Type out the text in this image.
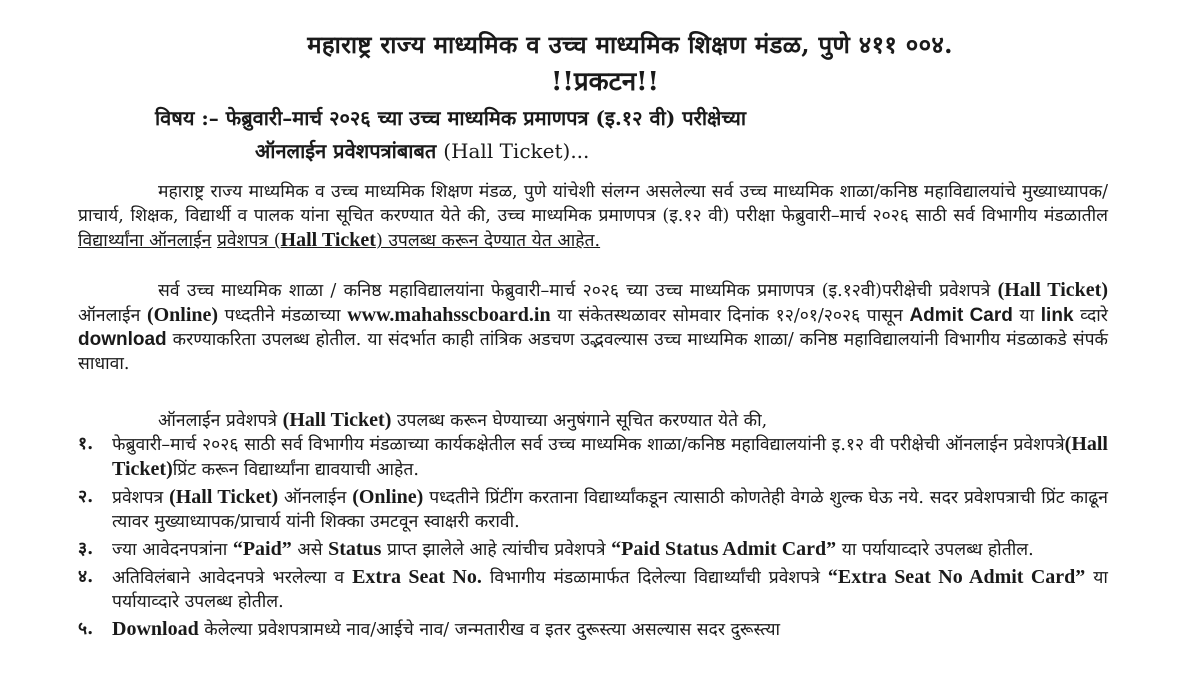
महाराष्ट्र राज्य माध्यमिक व उच्च माध्यमिक शिक्षण मंडळ, पुणे ४११ ००४.
!!प्रकटन!!
विषय :– फेब्रुवारी–मार्च २०२६ च्या उच्च माध्यमिक प्रमाणपत्र (इ.१२ वी) परीक्षेच्या
ऑनलाईन प्रवेशपत्रांबाबत (Hall Ticket)...
महाराष्ट्र राज्य माध्यमिक व उच्च माध्यमिक शिक्षण मंडळ, पुणे यांचेशी संलग्न असलेल्या सर्व उच्च माध्यमिक शाळा/कनिष्ठ महाविद्यालयांचे मुख्याध्यापक/प्राचार्य, शिक्षक, विद्यार्थी व पालक यांना सूचित करण्यात येते की, उच्च माध्यमिक प्रमाणपत्र (इ.१२ वी) परीक्षा फेब्रुवारी–मार्च २०२६ साठी सर्व विभागीय मंडळातील विद्यार्थ्यांना ऑनलाईन प्रवेशपत्र (Hall Ticket) उपलब्ध करून देण्यात येत आहेत.
सर्व उच्च माध्यमिक शाळा / कनिष्ठ महाविद्यालयांना फेब्रुवारी–मार्च २०२६ च्या उच्च माध्यमिक प्रमाणपत्र (इ.१२वी)परीक्षेची प्रवेशपत्रे (Hall Ticket) ऑनलाईन (Online) पध्दतीने मंडळाच्या www.mahahsscboard.in या संकेतस्थळावर सोमवार दिनांक १२/०१/२०२६ पासून Admit Card या link व्दारे download करण्याकरिता उपलब्ध होतील. या संदर्भात काही तांत्रिक अडचण उद्भवल्यास उच्च माध्यमिक शाळा/ कनिष्ठ महाविद्यालयांनी विभागीय मंडळाकडे संपर्क साधावा.
ऑनलाईन प्रवेशपत्रे (Hall Ticket) उपलब्ध करून घेण्याच्या अनुषंगाने सूचित करण्यात येते की,
१.	फेब्रुवारी–मार्च २०२६ साठी सर्व विभागीय मंडळाच्या कार्यकक्षेतील सर्व उच्च माध्यमिक शाळा/कनिष्ठ महाविद्यालयांनी इ.१२ वी परीक्षेची ऑनलाईन प्रवेशपत्रे(Hall Ticket)प्रिंट करून विद्यार्थ्यांना द्यावयाची आहेत.
२.	प्रवेशपत्र (Hall Ticket) ऑनलाईन (Online) पध्दतीने प्रिंटींग करताना विद्यार्थ्यांकडून त्यासाठी कोणतेही वेगळे शुल्क घेऊ नये. सदर प्रवेशपत्राची प्रिंट काढून त्यावर मुख्याध्यापक/प्राचार्य यांनी शिक्का उमटवून स्वाक्षरी करावी.
३.	ज्या आवेदनपत्रांना “Paid” असे Status प्राप्त झालेले आहे त्यांचीच प्रवेशपत्रे “Paid Status Admit Card” या पर्यायाव्दारे उपलब्ध होतील.
४.	अतिविलंबाने आवेदनपत्रे भरलेल्या व Extra Seat No. विभागीय मंडळामार्फत दिलेल्या विद्यार्थ्यांची प्रवेशपत्रे “Extra Seat No Admit Card” या पर्यायाव्दारे उपलब्ध होतील.
५. Download केलेल्या प्रवेशपत्रामध्ये नाव/आईचे नाव/ जन्मतारीख व इतर दुरूस्त्या असल्यास सदर दुरूस्त्या
